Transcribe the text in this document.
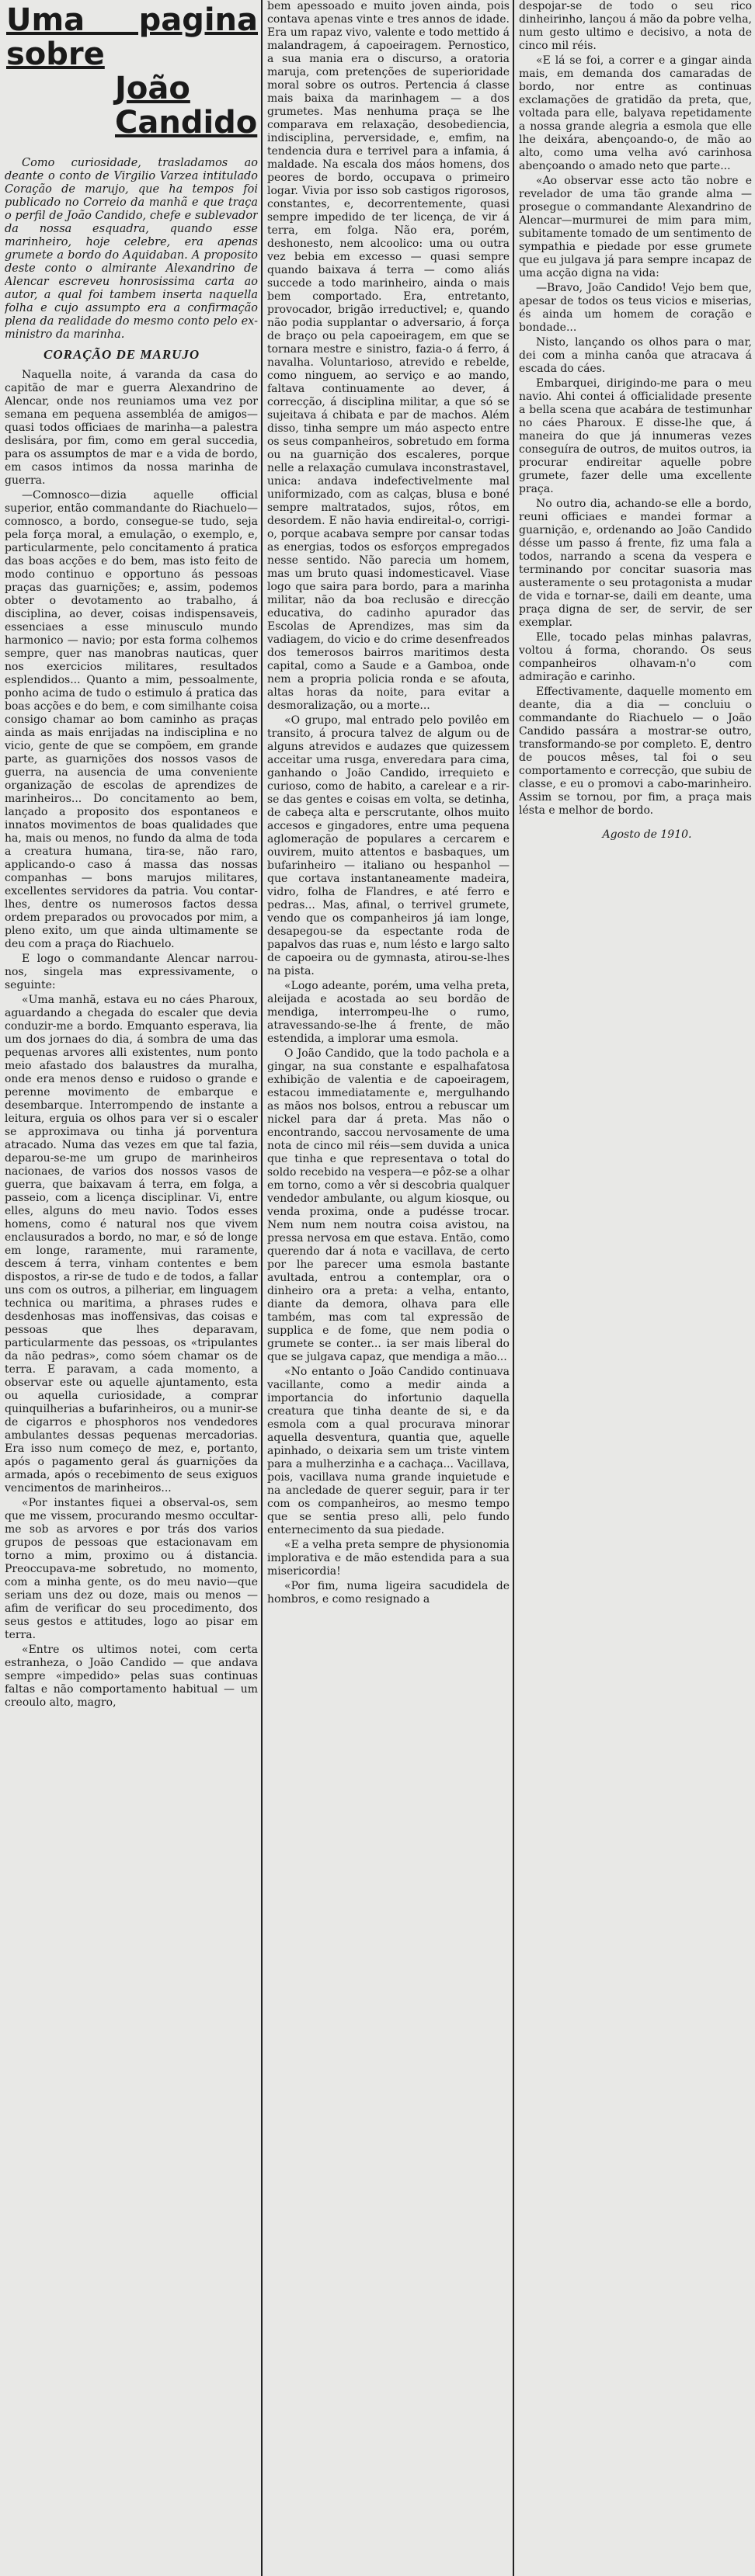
Uma pagina sobre
João Candido

Como curiosidade, trasladamos ao deante o conto de Virgilio Varzea intitulado Coração de marujo, que ha tempos foi publicado no Correio da manhã e que traça o perfil de João Candido, chefe e sublevador da nossa esquadra, quando esse marinheiro, hoje celebre, era apenas grumete a bordo do Aquidaban. A proposito deste conto o almirante Alexandrino de Alencar escreveu honrosissima carta ao autor, a qual foi tambem inserta naquella folha e cujo assumpto era a confirmação plena da realidade do mesmo conto pelo ex-ministro da marinha.

CORAÇÃO DE MARUJO

Naquella noite, á varanda da casa do capitão de mar e guerra Alexandrino de Alencar, onde nos reuniamos uma vez por semana em pequena assembléa de amigos—quasi todos officiaes de marinha—a palestra deslisára, por fim, como em geral succedia, para os assumptos de mar e a vida de bordo, em casos intimos da nossa marinha de guerra.

—Comnosco—dizia aquelle official superior, então commandante do Riachuelo—comnosco, a bordo, consegue-se tudo, seja pela força moral, a emulação, o exemplo, e, particularmente, pelo concitamento á pratica das boas acções e do bem, mas isto feito de modo continuo e opportuno ás pessoas praças das guarnições; e, assim, podemos obter o devotamento ao trabalho, á disciplina, ao dever, coisas indispensaveis, essenciaes a esse minusculo mundo harmonico — navio; por esta forma colhemos sempre, quer nas manobras nauticas, quer nos exercicios militares, resultados esplendidos... Quanto a mim, pessoalmente, ponho acima de tudo o estimulo á pratica das boas acções e do bem, e com similhante coisa consigo chamar ao bom caminho as praças ainda as mais enrijadas na indisciplina e no vicio, gente de que se compõem, em grande parte, as guarnições dos nossos vasos de guerra, na ausencia de uma conveniente organização de escolas de aprendizes de marinheiros... Do concitamento ao bem, lançado a proposito dos espontaneos e innatos movimentos de boas qualidades que ha, mais ou menos, no fundo da alma de toda a creatura humana, tira-se, não raro, applicando-o caso á massa das nossas companhas — bons marujos militares, excellentes servidores da patria. Vou contar-lhes, dentre os numerosos factos dessa ordem preparados ou provocados por mim, a pleno exito, um que ainda ultimamente se deu com a praça do Riachuelo.

E logo o commandante Alencar narrou-nos, singela mas expressivamente, o seguinte:

«Uma manhã, estava eu no cáes Pharoux, aguardando a chegada do escaler que devia conduzir-me a bordo. Emquanto esperava, lia um dos jornaes do dia, á sombra de uma das pequenas arvores alli existentes, num ponto meio afastado dos balaustres da muralha, onde era menos denso e ruidoso o grande e perenne movimento de embarque e desembarque. Interrompendo de instante a leitura, erguia os olhos para ver si o escaler se approximava ou tinha já porventura atracado. Numa das vezes em que tal fazia, deparou-se-me um grupo de marinheiros nacionaes, de varios dos nossos vasos de guerra, que baixavam á terra, em folga, a passeio, com a licença disciplinar. Vi, entre elles, alguns do meu navio. Todos esses homens, como é natural nos que vivem enclausurados a bordo, no mar, e só de longe em longe, raramente, mui raramente, descem á terra, vinham contentes e bem dispostos, a rir-se de tudo e de todos, a fallar uns com os outros, a pilheriar, em linguagem technica ou maritima, a phrases rudes e desdenhosas mas inoffensivas, das coisas e pessoas que lhes deparavam, particularmente das pessoas, os «tripulantes da não pedras», como sóem chamar os de terra. E paravam, a cada momento, a observar este ou aquelle ajuntamento, esta ou aquella curiosidade, a comprar quinquilherias a bufarinheiros, ou a munir-se de cigarros e phosphoros nos vendedores ambulantes dessas pequenas mercadorias. Era isso num começo de mez, e, portanto, após o pagamento geral ás guarnições da armada, após o recebimento de seus exiguos vencimentos de marinheiros...

«Por instantes fiquei a observal-os, sem que me vissem, procurando mesmo occultar-me sob as arvores e por trás dos varios grupos de pessoas que estacionavam em torno a mim, proximo ou á distancia. Preoccupava-me sobretudo, no momento, com a minha gente, os do meu navio—que seriam uns dez ou doze, mais ou menos — afim de verificar do seu procedimento, dos seus gestos e attitudes, logo ao pisar em terra.

«Entre os ultimos notei, com certa estranheza, o João Candido — que andava sempre «impedido» pelas suas continuas faltas e não comportamento habitual — um creoulo alto, magro,

bem apessoado e muito joven ainda, pois contava apenas vinte e tres annos de idade. Era um rapaz vivo, valente e todo mettido á malandragem, á capoeiragem. Pernostico, a sua mania era o discurso, a oratoria maruja, com pretenções de superioridade moral sobre os outros. Pertencia á classe mais baixa da marinhagem — a dos grumetes. Mas nenhuma praça se lhe comparava em relaxação, desobediencia, indisciplina, perversidade, e, emfim, na tendencia dura e terrivel para a infamia, á maldade. Na escala dos máos homens, dos peores de bordo, occupava o primeiro logar. Vivia por isso sob castigos rigorosos, constantes, e, decorrentemente, quasi sempre impedido de ter licença, de vir á terra, em folga. Não era, porém, deshonesto, nem alcoolico: uma ou outra vez bebia em excesso — quasi sempre quando baixava á terra — como aliás succede a todo marinheiro, ainda o mais bem comportado. Era, entretanto, provocador, brigão irreductivel; e, quando não podia supplantar o adversario, á força de braço ou pela capoeiragem, em que se tornara mestre e sinistro, fazia-o á ferro, á navalha. Voluntarioso, atrevido e rebelde, como ninguem, ao serviço e ao mando, faltava continuamente ao dever, á correcção, á disciplina militar, a que só se sujeitava á chibata e par de machos. Além disso, tinha sempre um máo aspecto entre os seus companheiros, sobretudo em forma ou na guarnição dos escaleres, porque nelle a relaxação cumulava inconstrastavel, unica: andava indefectivelmente mal uniformizado, com as calças, blusa e boné sempre maltratados, sujos, rôtos, em desordem. E não havia endireital-o, corrigi-o, porque acabava sempre por cansar todas as energias, todos os esforços empregados nesse sentido. Não parecia um homem, mas um bruto quasi indomesticavel. Viase logo que saira para bordo, para a marinha militar, não da boa reclusão e direcção educativa, do cadinho apurador das Escolas de Aprendizes, mas sim da vadiagem, do vicio e do crime desenfreados dos temerosos bairros maritimos desta capital, como a Saude e a Gamboa, onde nem a propria policia ronda e se afouta, altas horas da noite, para evitar a desmoralização, ou a morte...

«O grupo, mal entrado pelo povilêo em transito, á procura talvez de algum ou de alguns atrevidos e audazes que quizessem acceitar uma rusga, enveredara para cima, ganhando o João Candido, irrequieto e curioso, como de habito, a carelear e a rir-se das gentes e coisas em volta, se detinha, de cabeça alta e perscrutante, olhos muito accesos e gingadores, entre uma pequena aglomeração de populares a cercarem e ouvirem, muito attentos e basbaques, um bufarinheiro — italiano ou hespanhol — que cortava instantaneamente madeira, vidro, folha de Flandres, e até ferro e pedras... Mas, afinal, o terrivel grumete, vendo que os companheiros já iam longe, desapegou-se da espectante roda de papalvos das ruas e, num lésto e largo salto de capoeira ou de gymnasta, atirou-se-lhes na pista.

«Logo adeante, porém, uma velha preta, aleijada e acostada ao seu bordão de mendiga, interrompeu-lhe o rumo, atravessando-se-lhe á frente, de mão estendida, a implorar uma esmola.

O João Candido, que la todo pachola e a gingar, na sua constante e espalhafatosa exhibição de valentia e de capoeiragem, estacou immediatamente e, mergulhando as mãos nos bolsos, entrou a rebuscar um nickel para dar á preta. Mas não o encontrando, saccou nervosamente de uma nota de cinco mil réis—sem duvida a unica que tinha e que representava o total do soldo recebido na vespera—e pôz-se a olhar em torno, como a vêr si descobria qualquer vendedor ambulante, ou algum kiosque, ou venda proxima, onde a pudésse trocar. Nem num nem noutra coisa avistou, na pressa nervosa em que estava. Então, como querendo dar á nota e vacillava, de certo por lhe parecer uma esmola bastante avultada, entrou a contemplar, ora o dinheiro ora a preta: a velha, entanto, diante da demora, olhava para elle também, mas com tal expressão de supplica e de fome, que nem podia o grumete se conter... ia ser mais liberal do que se julgava capaz, que mendiga a mão...

«No entanto o João Candido continuava vacillante, como a medir ainda a importancia do infortunio daquella creatura que tinha deante de si, e da esmola com a qual procurava minorar aquella desventura, quantia que, aquelle apinhado, o deixaria sem um triste vintem para a mulherzinha e a cachaça... Vacillava, pois, vacillava numa grande inquietude e na ancledade de querer seguir, para ir ter com os companheiros, ao mesmo tempo que se sentia preso alli, pelo fundo enternecimento da sua piedade.

«E a velha preta sempre de physionomia implorativa e de mão estendida para a sua misericordia!

«Por fim, numa ligeira sacudidela de hombros, e como resignado a

despojar-se de todo o seu rico dinheirinho, lançou á mão da pobre velha, num gesto ultimo e decisivo, a nota de cinco mil réis.

«E lá se foi, a correr e a gingar ainda mais, em demanda dos camaradas de bordo, nor entre as continuas exclamações de gratidão da preta, que, voltada para elle, balyava repetidamente a nossa grande alegria a esmola que elle lhe deixára, abençoando-o, de mão ao alto, como uma velha avó carinhosa abençoando o amado neto que parte...

«Ao observar esse acto tão nobre e revelador de uma tão grande alma — prosegue o commandante Alexandrino de Alencar—murmurei de mim para mim, subitamente tomado de um sentimento de sympathia e piedade por esse grumete que eu julgava já para sempre incapaz de uma acção digna na vida:

—Bravo, João Candido! Vejo bem que, apesar de todos os teus vicios e miserias, és ainda um homem de coração e bondade...

Nisto, lançando os olhos para o mar, dei com a minha canôa que atracava á escada do cáes.

Embarquei, dirigindo-me para o meu navio. Ahi contei á officialidade presente a bella scena que acabára de testimunhar no cáes Pharoux. E disse-lhe que, á maneira do que já innumeras vezes conseguíra de outros, de muitos outros, ia procurar endireitar aquelle pobre grumete, fazer delle uma excellente praça.

No outro dia, achando-se elle a bordo, reuni officiaes e mandei formar a guarnição, e, ordenando ao João Candido désse um passo á frente, fiz uma fala a todos, narrando a scena da vespera e terminando por concitar suasoria mas austeramente o seu protagonista a mudar de vida e tornar-se, daili em deante, uma praça digna de ser, de servir, de ser exemplar.

Elle, tocado pelas minhas palavras, voltou á forma, chorando. Os seus companheiros olhavam-n'o com admiração e carinho.

Effectivamente, daquelle momento em deante, dia a dia — concluiu o commandante do Riachuelo — o João Candido passára a mostrar-se outro, transformando-se por completo. E, dentro de poucos mêses, tal foi o seu comportamento e correcção, que subiu de classe, e eu o promovi a cabo-marinheiro. Assim se tornou, por fim, a praça mais lésta e melhor de bordo.

Agosto de 1910.
